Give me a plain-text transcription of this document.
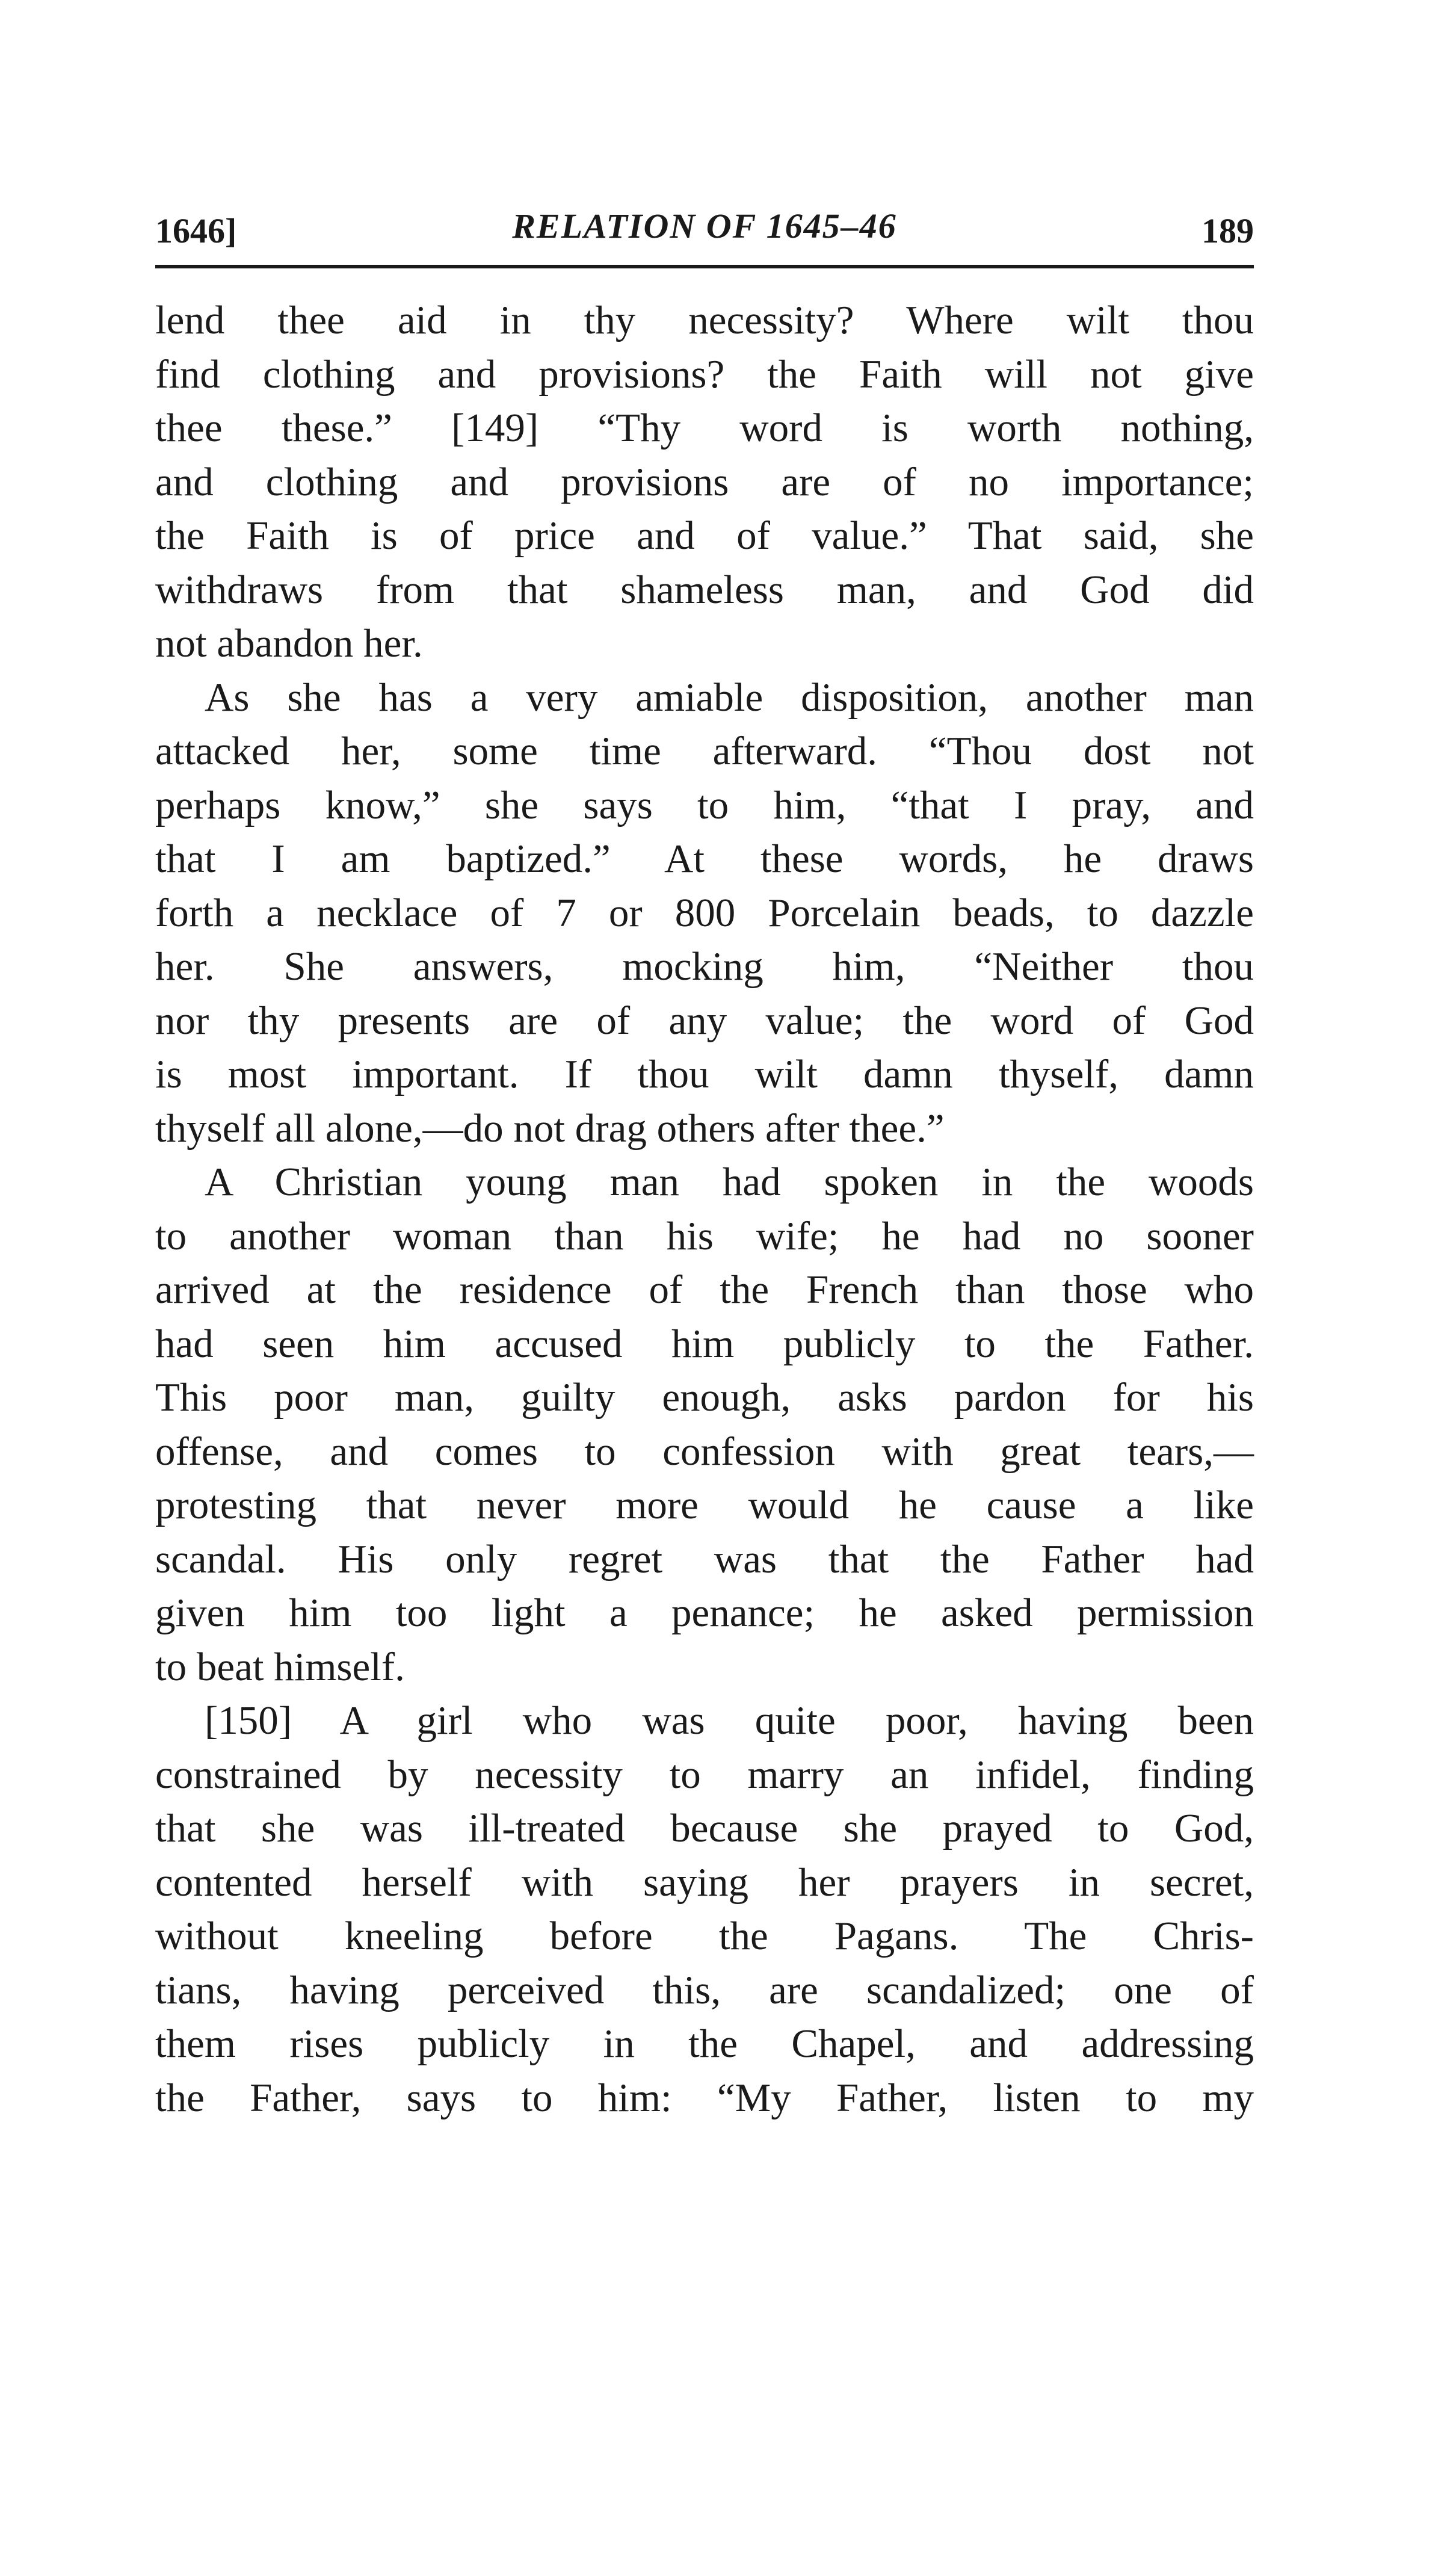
1646]	RELATION OF 1645–46	189
lend thee aid in thy necessity? Where wilt thou
find clothing and provisions? the Faith will not give
thee these.” [149] “Thy word is worth nothing,
and clothing and provisions are of no importance;
the Faith is of price and of value.” That said, she
withdraws from that shameless man, and God did
not abandon her.
As she has a very amiable disposition, another man
attacked her, some time afterward. “Thou dost not
perhaps know,” she says to him, “that I pray, and
that I am baptized.” At these words, he draws
forth a necklace of 7 or 800 Porcelain beads, to dazzle
her. She answers, mocking him, “Neither thou
nor thy presents are of any value; the word of God
is most important. If thou wilt damn thyself, damn
thyself all alone,—do not drag others after thee.”
A Christian young man had spoken in the woods
to another woman than his wife; he had no sooner
arrived at the residence of the French than those who
had seen him accused him publicly to the Father.
This poor man, guilty enough, asks pardon for his
offense, and comes to confession with great tears,—
protesting that never more would he cause a like
scandal. His only regret was that the Father had
given him too light a penance; he asked permission
to beat himself.
[150] A girl who was quite poor, having been
constrained by necessity to marry an infidel, finding
that she was ill-treated because she prayed to God,
contented herself with saying her prayers in secret,
without kneeling before the Pagans. The Chris-
tians, having perceived this, are scandalized; one of
them rises publicly in the Chapel, and addressing
the Father, says to him: “My Father, listen to my
